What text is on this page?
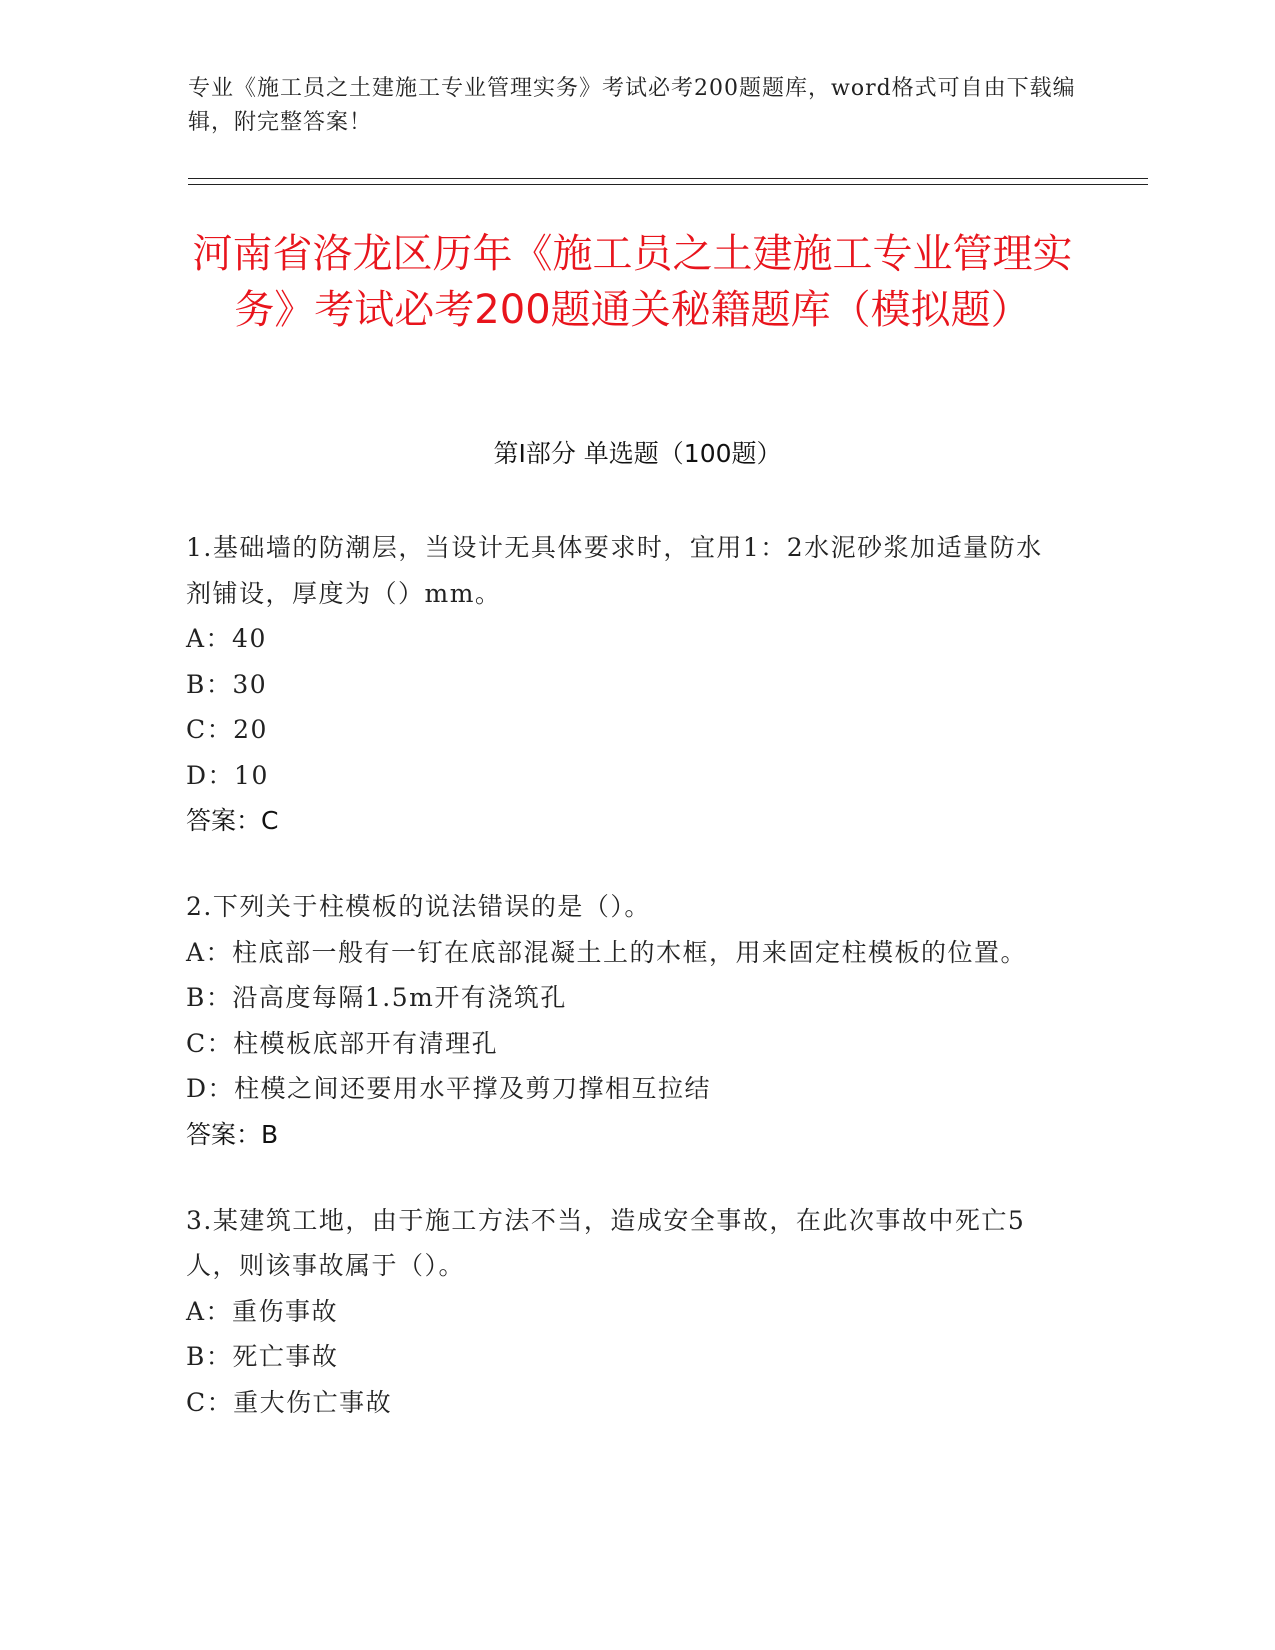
专业《施工员之土建施工专业管理实务》考试必考200题题库，word格式可自由下载编辑，附完整答案！
河南省洛龙区历年《施工员之土建施工专业管理实务》考试必考200题通关秘籍题库（模拟题）
第Ⅰ部分 单选题（100题）

1.基础墙的防潮层，当设计无具体要求时，宜用1：2水泥砂浆加适量防水剂铺设，厚度为（）mm。

A：40

B：30

C：20

D：10

答案：C

2.下列关于柱模板的说法错误的是（）。

A：柱底部一般有一钉在底部混凝土上的木框，用来固定柱模板的位置。

B：沿高度每隔1.5m开有浇筑孔

C：柱模板底部开有清理孔

D：柱模之间还要用水平撑及剪刀撑相互拉结

答案：B

3.某建筑工地，由于施工方法不当，造成安全事故，在此次事故中死亡5人，则该事故属于（）。

A：重伤事故

B：死亡事故

C：重大伤亡事故
